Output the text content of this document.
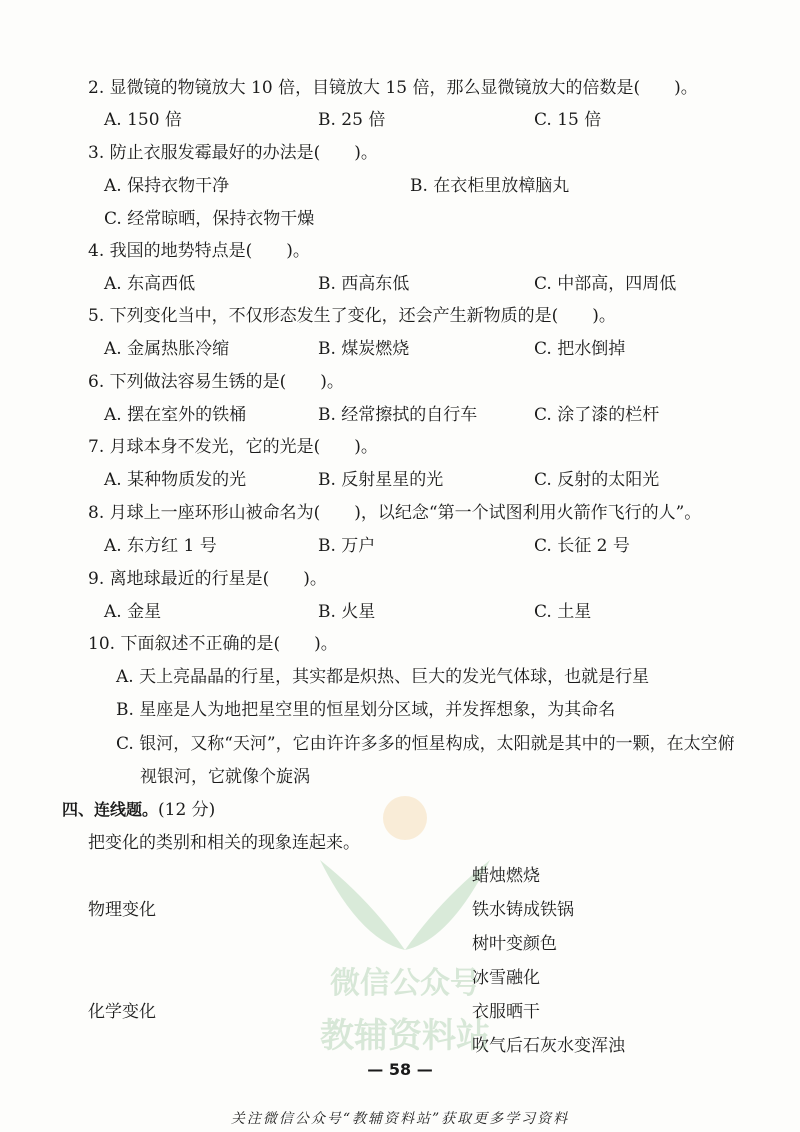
微信公众号
教辅资料站
2. 显微镜的物镜放大 10 倍，目镜放大 15 倍，那么显微镜放大的倍数是(　　)。
A. 150 倍	B. 25 倍	C. 15 倍
3. 防止衣服发霉最好的办法是(　　)。
A. 保持衣物干净	B. 在衣柜里放樟脑丸
C. 经常晾晒，保持衣物干燥
4. 我国的地势特点是(　　)。
A. 东高西低	B. 西高东低	C. 中部高，四周低
5. 下列变化当中，不仅形态发生了变化，还会产生新物质的是(　　)。
A. 金属热胀冷缩	B. 煤炭燃烧	C. 把水倒掉
6. 下列做法容易生锈的是(　　)。
A. 摆在室外的铁桶	B. 经常擦拭的自行车	C. 涂了漆的栏杆
7. 月球本身不发光，它的光是(　　)。
A. 某种物质发的光	B. 反射星星的光	C. 反射的太阳光
8. 月球上一座环形山被命名为(　　)，以纪念“第一个试图利用火箭作飞行的人”。
A. 东方红 1 号	B. 万户	C. 长征 2 号
9. 离地球最近的行星是(　　)。
A. 金星	B. 火星	C. 土星
10. 下面叙述不正确的是(　　)。
A. 天上亮晶晶的行星，其实都是炽热、巨大的发光气体球，也就是行星
B. 星座是人为地把星空里的恒星划分区域，并发挥想象，为其命名
C. 银河，又称“天河”，它由许许多多的恒星构成，太阳就是其中的一颗，在太空俯
视银河，它就像个旋涡
四、连线题。(12 分)
把变化的类别和相关的现象连起来。
物理变化
化学变化
蜡烛燃烧
铁水铸成铁锅
树叶变颜色
冰雪融化
衣服晒干
吹气后石灰水变浑浊
— 58 —
关注微信公众号“教辅资料站”获取更多学习资料
